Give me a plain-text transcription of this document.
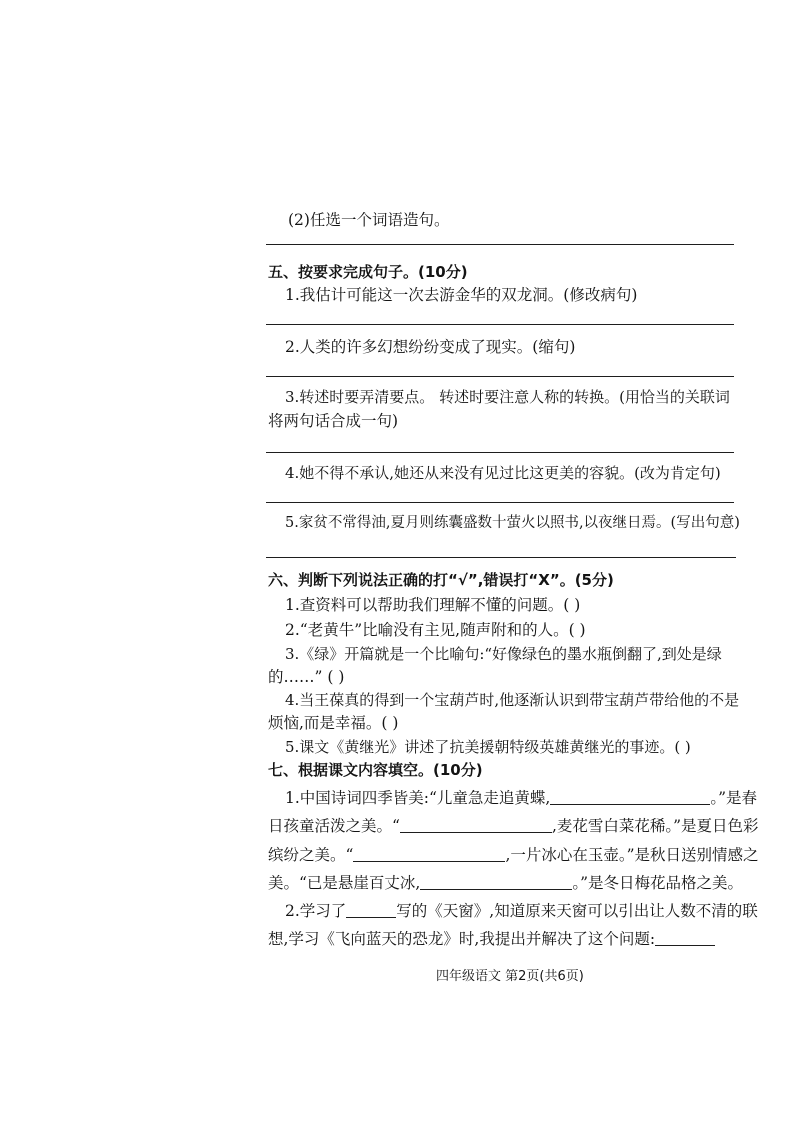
(2)任选一个词语造句。
五、按要求完成句子。(10分)
1.我估计可能这一次去游金华的双龙洞。(修改病句)
2.人类的许多幻想纷纷变成了现实。(缩句)
3.转述时要弄清要点。 转述时要注意人称的转换。(用恰当的关联词
将两句话合成一句)
4.她不得不承认,她还从来没有见过比这更美的容貌。(改为肯定句)
5.家贫不常得油,夏月则练囊盛数十萤火以照书,以夜继日焉。(写出句意)
六、判断下列说法正确的打“√”,错误打“X”。(5分)
1.查资料可以帮助我们理解不懂的问题。( )
2.“老黄牛”比喻没有主见,随声附和的人。( )
3.《绿》开篇就是一个比喻句:“好像绿色的墨水瓶倒翻了,到处是绿
的……” ( )
4.当王葆真的得到一个宝葫芦时,他逐渐认识到带宝葫芦带给他的不是
烦恼,而是幸福。( )
5.课文《黄继光》讲述了抗美援朝特级英雄黄继光的事迹。( )
七、根据课文内容填空。(10分)
1.中国诗词四季皆美:“儿童急走追黄蝶,	。”是春
日孩童活泼之美。“	,麦花雪白菜花稀。”是夏日色彩
缤纷之美。“	,一片冰心在玉壶。”是秋日送别情感之
美。“已是悬崖百丈冰,	。”是冬日梅花品格之美。
2.学习了	写的《天窗》,知道原来天窗可以引出让人数不清的联
想,学习《飞向蓝天的恐龙》时,我提出并解决了这个问题:
四年级语文 第2页(共6页)
